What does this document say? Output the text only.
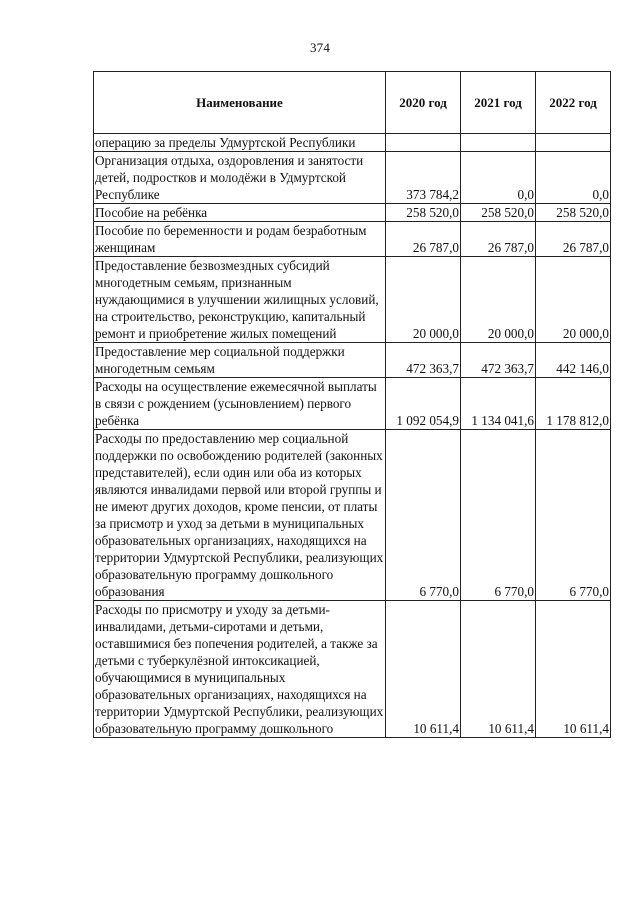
374
Наименование	2020 год	2021 год	2022 год
операцию за пределы Удмуртской Республики			
Организация отдыха, оздоровления и занятости детей, подростков и молодёжи в Удмуртской Республике	373 784,2	0,0	0,0
Пособие на ребёнка	258 520,0	258 520,0	258 520,0
Пособие по беременности и родам безработным женщинам	26 787,0	26 787,0	26 787,0
Предоставление безвозмездных субсидий многодетным семьям, признанным нуждающимися в улучшении жилищных условий, на строительство, реконструкцию, капитальный ремонт и приобретение жилых помещений	20 000,0	20 000,0	20 000,0
Предоставление мер социальной поддержки многодетным семьям	472 363,7	472 363,7	442 146,0
Расходы на осуществление ежемесячной выплаты в связи с рождением (усыновлением) первого ребёнка	1 092 054,9	1 134 041,6	1 178 812,0
Расходы по предоставлению мер социальной поддержки по освобождению родителей (законных представителей), если один или оба из которых являются инвалидами первой или второй группы и не имеют других доходов, кроме пенсии, от платы за присмотр и уход за детьми в муниципальных образовательных организациях, находящихся на территории Удмуртской Республики, реализующих образовательную программу дошкольного образования	6 770,0	6 770,0	6 770,0
Расходы по присмотру и уходу за детьми-инвалидами, детьми-сиротами и детьми, оставшимися без попечения родителей, а также за детьми с туберкулёзной интоксикацией, обучающимися в муниципальных образовательных организациях, находящихся на территории Удмуртской Республики, реализующих образовательную программу дошкольного	10 611,4	10 611,4	10 611,4
